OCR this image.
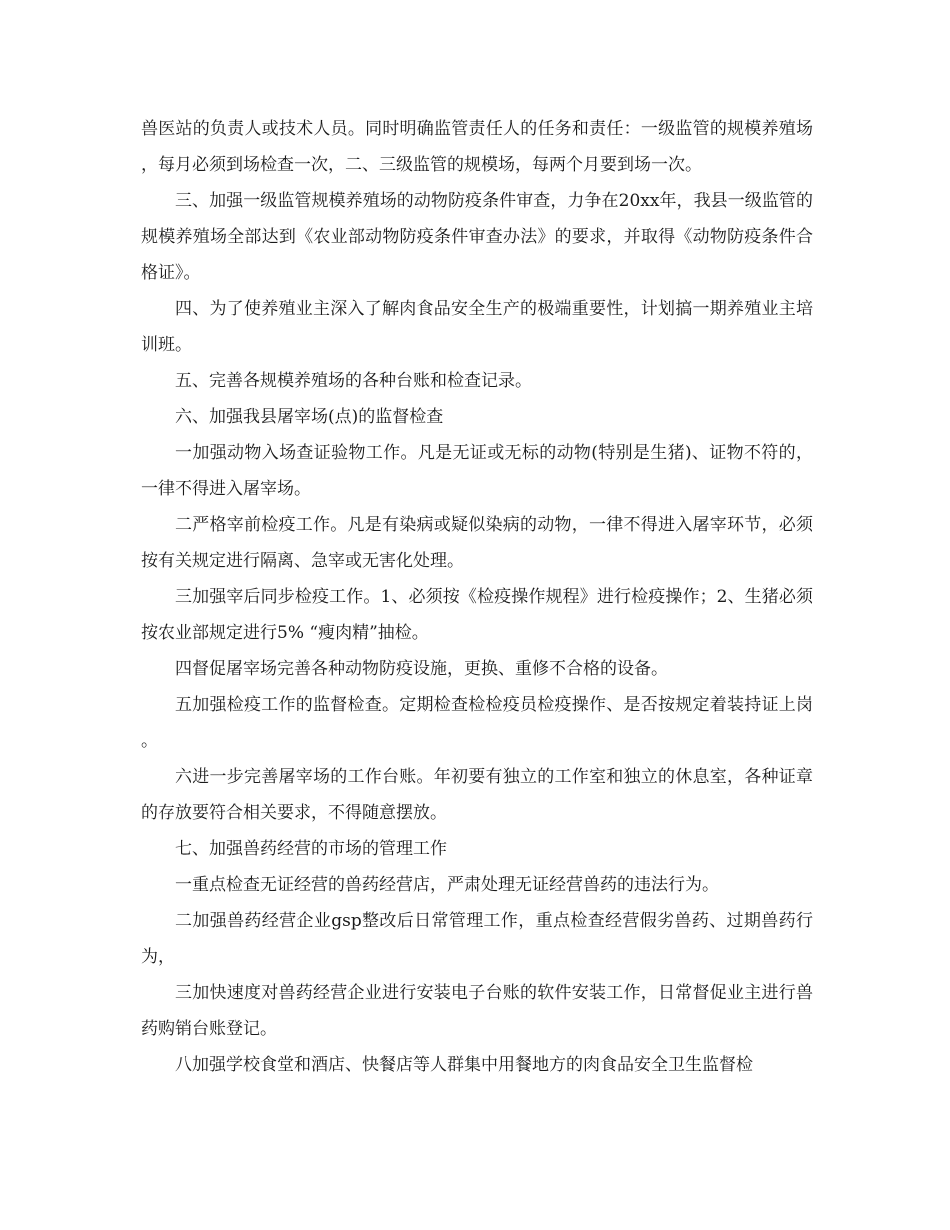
兽医站的负责人或技术人员。同时明确监管责任人的任务和责任：一级监管的规模养殖场，每月必须到场检查一次，二、三级监管的规模场，每两个月要到场一次。

三、加强一级监管规模养殖场的动物防疫条件审查，力争在20xx年，我县一级监管的规模养殖场全部达到《农业部动物防疫条件审查办法》的要求，并取得《动物防疫条件合格证》。

四、为了使养殖业主深入了解肉食品安全生产的极端重要性，计划搞一期养殖业主培训班。

五、完善各规模养殖场的各种台账和检查记录。

六、加强我县屠宰场(点)的监督检查

一加强动物入场查证验物工作。凡是无证或无标的动物(特别是生猪)、证物不符的，一律不得进入屠宰场。

二严格宰前检疫工作。凡是有染病或疑似染病的动物，一律不得进入屠宰环节，必须按有关规定进行隔离、急宰或无害化处理。

三加强宰后同步检疫工作。1、必须按《检疫操作规程》进行检疫操作；2、生猪必须按农业部规定进行5% “瘦肉精”抽检。

四督促屠宰场完善各种动物防疫设施，更换、重修不合格的设备。

五加强检疫工作的监督检查。定期检查检检疫员检疫操作、是否按规定着装持证上岗。

六进一步完善屠宰场的工作台账。年初要有独立的工作室和独立的休息室，各种证章的存放要符合相关要求，不得随意摆放。

七、加强兽药经营的市场的管理工作

一重点检查无证经营的兽药经营店，严肃处理无证经营兽药的违法行为。

二加强兽药经营企业gsp整改后日常管理工作，重点检查经营假劣兽药、过期兽药行为，

三加快速度对兽药经营企业进行安装电子台账的软件安装工作，日常督促业主进行兽药购销台账登记。

八加强学校食堂和酒店、快餐店等人群集中用餐地方的肉食品安全卫生监督检
